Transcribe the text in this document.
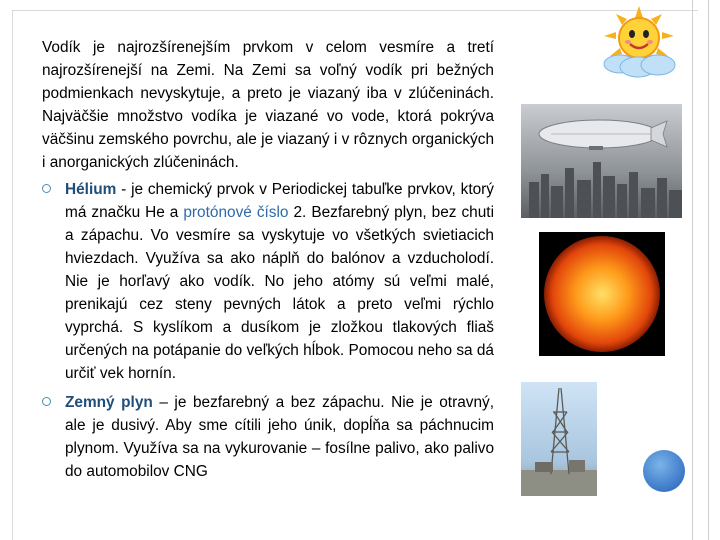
Vodík je najrozšírenejším prvkom v celom vesmíre a tretí najrozšírenejší na Zemi. Na Zemi sa voľný vodík pri bežných podmienkach nevyskytuje, a preto je viazaný iba v zlúčeninách. Najväčšie množstvo vodíka je viazané vo vode, ktorá pokrýva väčšinu zemského povrchu, ale je viazaný i v rôznych organických i anorganických zlúčeninách.

Hélium - je chemický prvok v Periodickej tabuľke prvkov, ktorý má značku He a protónové číslo 2. Bezfarebný plyn, bez chuti a zápachu. Vo vesmíre sa vyskytuje vo všetkých svietiacich hviezdach. Využíva sa ako náplň do balónov a vzducholodí. Nie je horľavý ako vodík. No jeho atómy sú veľmi malé, prenikajú cez steny pevných látok a preto veľmi rýchlo vyprchá. S kyslíkom a dusíkom je zložkou tlakových fliaš určených na potápanie do veľkých hĺbok. Pomocou neho sa dá určiť vek hornín.
Zemný plyn – je bezfarebný a bez zápachu. Nie je otravný, ale je dusivý. Aby sme cítili jeho únik, dopĺňa sa páchnucim plynom. Využíva sa na vykurovanie – fosílne palivo, ako palivo do automobilov CNG
